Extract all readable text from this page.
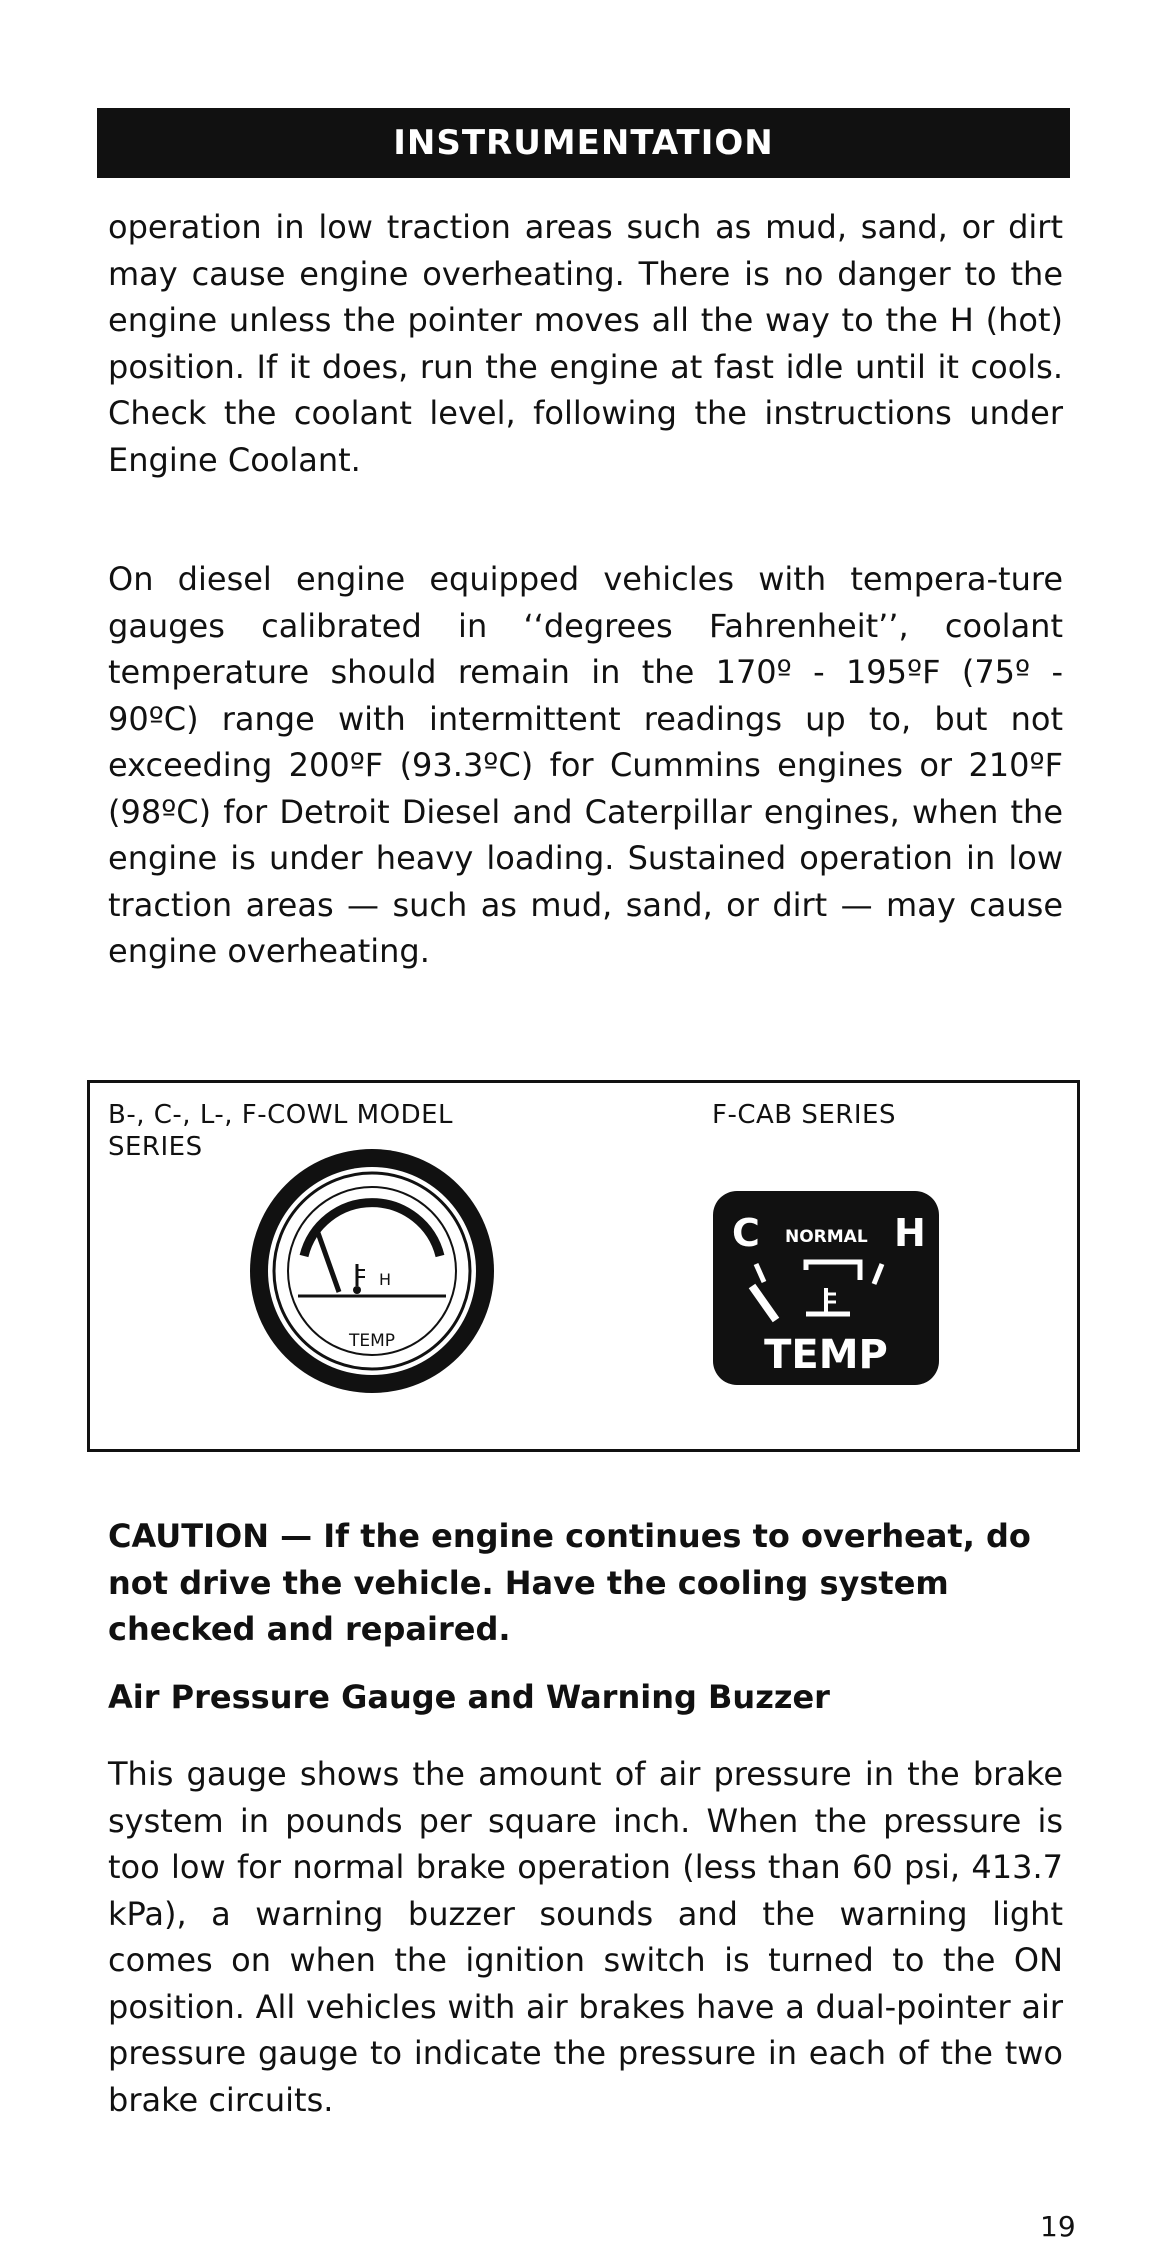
INSTRUMENTATION

operation in low traction areas such as mud, sand, or dirt may cause engine overheating. There is no danger to the engine unless the pointer moves all the way to the H (hot) position. If it does, run the engine at fast idle until it cools. Check the coolant level, following the instructions under Engine Coolant.

On diesel engine equipped vehicles with tempera-ture gauges calibrated in ‘‘degrees Fahrenheit’’, coolant temperature should remain in the 170º - 195ºF (75º - 90ºC) range with intermittent readings up to, but not exceeding 200ºF (93.3ºC) for Cummins engines or 210ºF (98ºC) for Detroit Diesel and Caterpillar engines, when the engine is under heavy loading. Sustained operation in low traction areas — such as mud, sand, or dirt — may cause engine overheating.

B-, C-, L-, F-COWL MODEL SERIES
F-CAB SERIES
H
TEMP
C NORMAL H
TEMP

CAUTION — If the engine continues to overheat, do not drive the vehicle. Have the cooling system checked and repaired.

Air Pressure Gauge and Warning Buzzer

This gauge shows the amount of air pressure in the brake system in pounds per square inch. When the pressure is too low for normal brake operation (less than 60 psi, 413.7 kPa), a warning buzzer sounds and the warning light comes on when the ignition switch is turned to the ON position. All vehicles with air brakes have a dual-pointer air pressure gauge to indicate the pressure in each of the two brake circuits.

19
